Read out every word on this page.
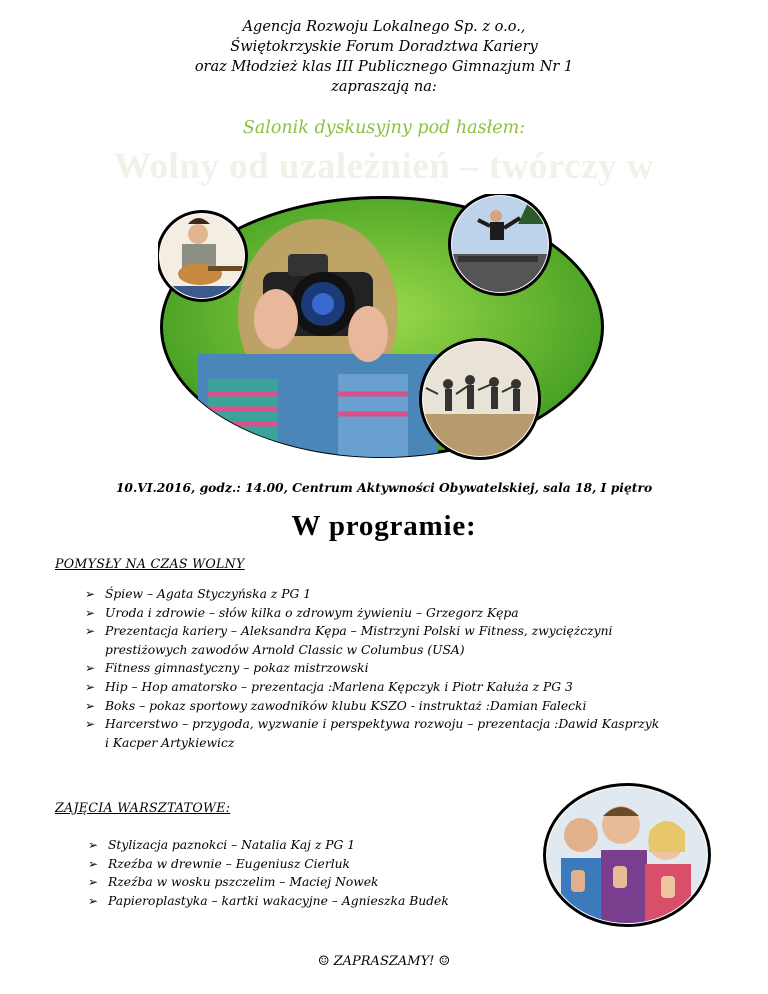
Agencja Rozwoju Lokalnego Sp. z o.o.,
Świętokrzyskie Forum Doradztwa Kariery
oraz Młodzież klas III Publicznego Gimnazjum Nr 1
zapraszają na:
Salonik dyskusyjny pod hasłem:
Wolny od uzależnień – twórczy w
10.VI.2016, godz.: 14.00, Centrum Aktywności Obywatelskiej, sala 18, I piętro
W programie:
POMYSŁY NA CZAS WOLNY
➢ Śpiew – Agata Styczyńska z PG 1
➢ Uroda i zdrowie – słów kilka o zdrowym żywieniu – Grzegorz Kępa
➢ Prezentacja kariery – Aleksandra Kępa – Mistrzyni Polski w Fitness, zwyciężczyni
prestiżowych zawodów Arnold Classic w Columbus (USA)
➢ Fitness gimnastyczny – pokaz mistrzowski
➢ Hip – Hop amatorsko – prezentacja :Marlena Kępczyk i Piotr Kałuża z PG 3
➢ Boks – pokaz sportowy zawodników klubu KSZO - instruktaż :Damian Falecki
➢ Harcerstwo – przygoda, wyzwanie i perspektywa rozwoju – prezentacja :Dawid Kasprzyk
i Kacper Artykiewicz
ZAJĘCIA WARSZTATOWE:
➢ Stylizacja paznokci – Natalia Kaj z PG 1
➢ Rzeźba w drewnie – Eugeniusz Cierluk
➢ Rzeźba w wosku pszczelim – Maciej Nowek
➢ Papieroplastyka – kartki wakacyjne – Agnieszka Budek
☺ ZAPRASZAMY! ☺
